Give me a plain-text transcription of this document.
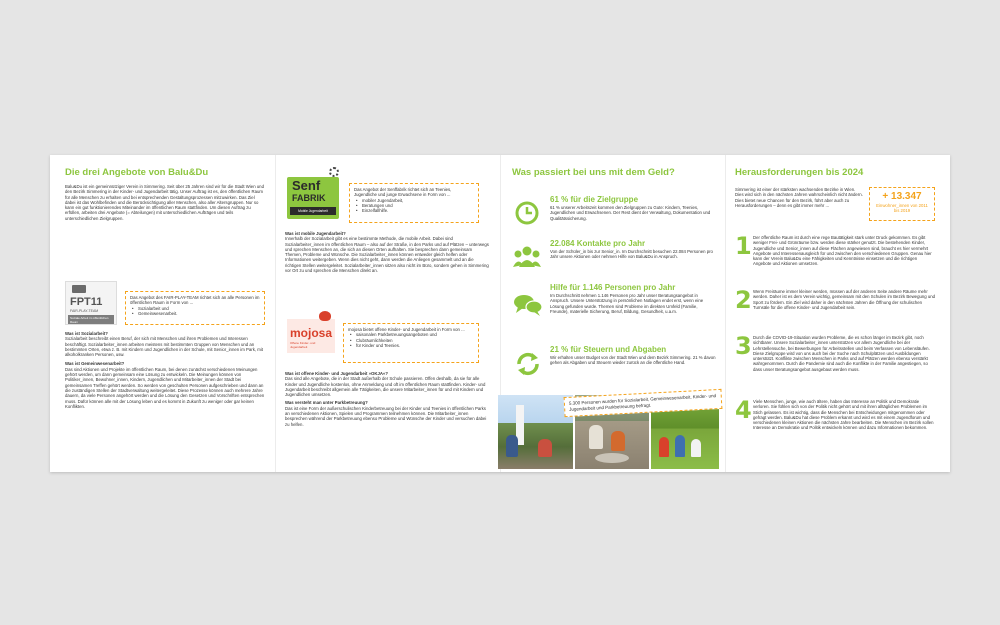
Die drei Angebote von Balu&Du
Balu&Du ist ein gemeinnütziger Verein in Simmering. Seit über 25 Jahren sind wir für die Stadt Wien und den Bezirk Simmering in der Kinder- und Jugendarbeit tätig. Unser Auftrag ist es, den öffentlichen Raum für alle Menschen zu erhalten und bei entsprechenden Gestaltungsprozessen mitzuwirken. Das Ziel dabei ist das Wohlbefinden und die Berücksichtigung aller Menschen, also aller Altersgruppen. Nur so kann ein gut funktionierendes Miteinander im öffentlichen Raum stattfinden. Um diesen Auftrag zu erfüllen, arbeiten drei Angebote (= Abteilungen) mit unterschiedlichen Aufträgen und teils unterschiedlichen Zielgruppen.
FPT11
FAIR-PLAY-TEAM
Soziale Arbeit im öffentlichen Raum
Das Angebot des FAIR-PLAY-TEAM richtet sich an alle Personen im öffentlichen Raum in Form von ...
• Sozialarbeit und
• Gemeinwesenarbeit.
Was ist Sozialarbeit?
Sozialarbeit beschreibt einen Beruf, der sich mit Menschen und ihren Problemen und Interessen beschäftigt. Sozialarbeiter_innen arbeiten meistens mit bestimmten Gruppen von Menschen und an bestimmten Orten, etwa z. B. mit Kindern und Jugendlichen in der Schule, mit Senior_innen im Park, mit alkoholkranken Personen, usw.
Was ist Gemeinwesenarbeit?
Das sind Aktionen und Projekte im öffentlichen Raum, bei denen zunächst verschiedenen Meinungen gehört werden, um dann gemeinsam eine Lösung zu entwickeln. Die Meinungen können von Politiker_innen, Bewohner_innen, Kindern, Jugendlichen und Mitarbeiter_innen der Stadt bei gemeinsamen Treffen gehört werden. So werden von geschulten Personen aufgeschrieben und dann an die zuständigen Stellen der Stadtverwaltung weitergeleitet. Diese Prozesse können auch mehrere Jahre dauern, da viele Personen angehört werden und die Lösung den Gesetzen und Vorschriften entsprechen muss. Dafür können alle mit der Lösung leben und es kommt in Zukunft zu weniger oder gar keinen Konflikten.
Senf
FABRIK
Mobile Jugendarbeit
Das Angebot der Senffabrik richtet sich an Teenies, Jugendliche und junge Erwachsene in Form von ...
• mobiler Jugendarbeit,
• Beratungen und
• Einzelfallhilfe.
Was ist mobile Jugendarbeit?
Innerhalb der Sozialarbeit gibt es eine bestimmte Methode, die mobile Arbeit. Dabei sind Sozialarbeiter_innen im öffentlichen Raum – also auf der Straße, in den Parks und auf Plätzen – unterwegs und sprechen Menschen an, die sich an diesen Orten aufhalten. Sie besprechen dann gemeinsam Themen, Probleme und Wünsche. Die Sozialarbeiter_innen können entweder gleich helfen oder Informationen weitergeben. Wenn dies nicht geht, dann werden die Anliegen gesammelt und an die richtigen Stellen weitergeleitet. Sozialarbeiter_innen sitzen also nicht im Büro, sondern gehen in Simmering vor Ort zu und sprechen die Menschen direkt an.
mojosa
Offene Kinder- und Jugendarbeit
mojosa bietet offene Kinder- und Jugendarbeit in Form von ...
• saisonalen Parkbetreuungsangeboten und
• Clubräumlichkeiten
• für Kinder und Teenies.
Was ist offene Kinder- und Jugendarbeit »OKJA«?
Das sind alle Angebote, die in der Stadt außerhalb der Schule passieren. Offen deshalb, da sie für alle Kinder und Jugendliche kostenlos, ohne Anmeldung und oft im öffentlichen Raum stattfinden. Kinder- und Jugendarbeit beschreibt allgemein alle Tätigkeiten, die unsere Mitarbeiter_innen für und mit Kindern und Jugendlichen umsetzen.
Was versteht man unter Parkbetreuung?
Das ist eine Form der außerschulischen Kinderbetreuung bei der Kinder und Teenies in öffentlichen Parks an verschiedenen Aktionen, Spielen und Programmen teilnehmen können. Die Mitarbeiter_innen besprechen während der Parkbetreuung ebenso Probleme und Wünsche der Kinder und versuchen dabei zu helfen.
Was passiert bei uns mit dem Geld?
61 % für die Zielgruppe
61 % unserer Arbeitszeit kommen den Zielgruppen zu Gute: Kindern, Teenies, Jugendlichen und Erwachsenen. Der Rest dient der Verwaltung, Dokumentation und Qualitätssicherung.
22.084 Kontakte pro Jahr
Von der Schüler_in bis zur Senior_in. Im Durchschnitt besuchen 22.084 Personen pro Jahr unsere Aktionen oder nehmen Hilfe von Balu&Du in Anspruch.
Hilfe für 1.146 Personen pro Jahr
Im Durchschnitt nehmen 1.146 Personen pro Jahr unser Beratungsangebot in Anspruch. Unsere Unterstützung in persönlichen Notlagen endet erst, wenn eine Lösung gefunden wurde. Themen sind Probleme im direkten Umfeld (Familie, Freunde), materielle Sicherung, Beruf, Bildung, Gesundheit, u.a.m.
21 % für Steuern und Abgaben
Wir erhalten unser Budget von der Stadt Wien und dem Bezirk Simmering. 21 % davon gehen als Abgaben und Steuern wieder zurück an die öffentliche Hand.
5.300 Personen wurden für Sozialarbeit, Gemeinwesenarbeit, Kinder- und Jugendarbeit und Parkbetreuung befragt.
Herausforderungen bis 2024
Simmering ist einer der stärksten wachsenden Bezirke in Wien. Dies wird sich in den nächsten Jahren wahrscheinlich nicht ändern. Dies bietet neue Chancen für den Bezirk, führt aber auch zu Herausforderungen – denn es gibt immer mehr ...
+ 13.347
Einwohner_innen von 2011 bis 2019
1 Der öffentliche Raum ist durch eine rege Bautätigkeit stark unter Druck gekommen. Es gibt weniger Frei- und Grünräume bzw. werden diese stärker genutzt. Die bestehenden Kinder, Jugendliche und Senior_innen auf diese Flächen angewiesen sind, braucht es hier vermehrt Angebote und Interessenausgleich für und zwischen den verschiedenen Gruppen. Genau hier kann der Verein Balu&Du eine Fähigkeiten und Kenntnisse einsetzen und die richtigen Angebote und Aktionen umsetzen.
2 Wenn Freiräume immer kleiner werden, müssen auf der anderen Seite andere Räume mehr werden. Daher ist es dem Verein wichtig, gemeinsam mit den Schulen im Bezirk Bewegung und Sport zu fördern. Ein Ziel wird daher in den nächsten Jahren die Öffnung der schulischen Turnsäle für die offene Kinder- und Jugendarbeit sein.
3 Durch die COVID-19-Situation wurden Probleme, die es schon länger im Bezirk gibt, noch sichtbarer. Unsere Sozialarbeiter_innen unterstützen vor allem Jugendliche bei der Lehrstellensuche, bei Bewerbungen für Arbeitsstellen und beim Verfassen von Lebensläufen. Diese Zielgruppe wird von uns auch bei der Suche nach Schulplätzen und Ausbildungen unterstützt. Konflikte zwischen Menschen in Parks und auf Plätzen werden ebenso verstärkt wahrgenommen. Durch die Pandemie sind auch die Konflikte in der Familie angestiegen, so dass unser Beratungsangebot ausgebaut werden muss.
4 Viele Menschen, junge, wie auch ältere, haben das Interesse an Politik und Demokratie verloren. Sie fühlen sich von der Politik nicht gehört und mit ihren alltäglichen Problemen im Stich gelassen. Es ist wichtig, dass die Menschen bei Entscheidungen mitgenommen oder gefragt werden. Balu&Du hat diese Problem erkannt und wird es mit einem Jugendforum und verschiedenen kleinen Aktionen die nächsten Jahre bearbeiten. Die Menschen im Bezirk sollen Interesse an Demokratie und Politik entwickeln können und dazu Informationen bekommen.
